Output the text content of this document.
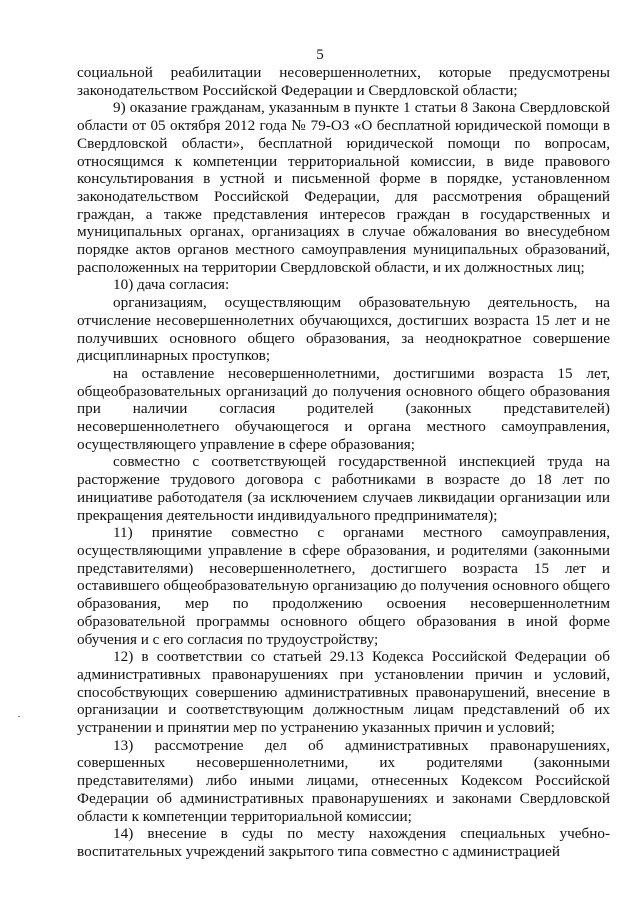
5

социальной реабилитации несовершеннолетних, которые предусмотрены законодательством Российской Федерации и Свердловской области;

9) оказание гражданам, указанным в пункте 1 статьи 8 Закона Свердловской области от 05 октября 2012 года № 79-ОЗ «О бесплатной юридической помощи в Свердловской области», бесплатной юридической помощи по вопросам, относящимся к компетенции территориальной комиссии, в виде правового консультирования в устной и письменной форме в порядке, установленном законодательством Российской Федерации, для рассмотрения обращений граждан, а также представления интересов граждан в государственных и муниципальных органах, организациях в случае обжалования во внесудебном порядке актов органов местного самоуправления муниципальных образований, расположенных на территории Свердловской области, и их должностных лиц;

10) дача согласия:

организациям, осуществляющим образовательную деятельность, на отчисление несовершеннолетних обучающихся, достигших возраста 15 лет и не получивших основного общего образования, за неоднократное совершение дисциплинарных проступков;

на оставление несовершеннолетними, достигшими возраста 15 лет, общеобразовательных организаций до получения основного общего образования при наличии согласия родителей (законных представителей) несовершеннолетнего обучающегося и органа местного самоуправления, осуществляющего управление в сфере образования;

совместно с соответствующей государственной инспекцией труда на расторжение трудового договора с работниками в возрасте до 18 лет по инициативе работодателя (за исключением случаев ликвидации организации или прекращения деятельности индивидуального предпринимателя);

11) принятие совместно с органами местного самоуправления, осуществляющими управление в сфере образования, и родителями (законными представителями) несовершеннолетнего, достигшего возраста 15 лет и оставившего общеобразовательную организацию до получения основного общего образования, мер по продолжению освоения несовершеннолетним образовательной программы основного общего образования в иной форме обучения и с его согласия по трудоустройству;

12) в соответствии со статьей 29.13 Кодекса Российской Федерации об административных правонарушениях при установлении причин и условий, способствующих совершению административных правонарушений, внесение в организации и соответствующим должностным лицам представлений об их устранении и принятии мер по устранению указанных причин и условий;

13) рассмотрение дел об административных правонарушениях, совершенных несовершеннолетними, их родителями (законными представителями) либо иными лицами, отнесенных Кодексом Российской Федерации об административных правонарушениях и законами Свердловской области к компетенции территориальной комиссии;

14) внесение в суды по месту нахождения специальных учебно-воспитательных учреждений закрытого типа совместно с администрацией
